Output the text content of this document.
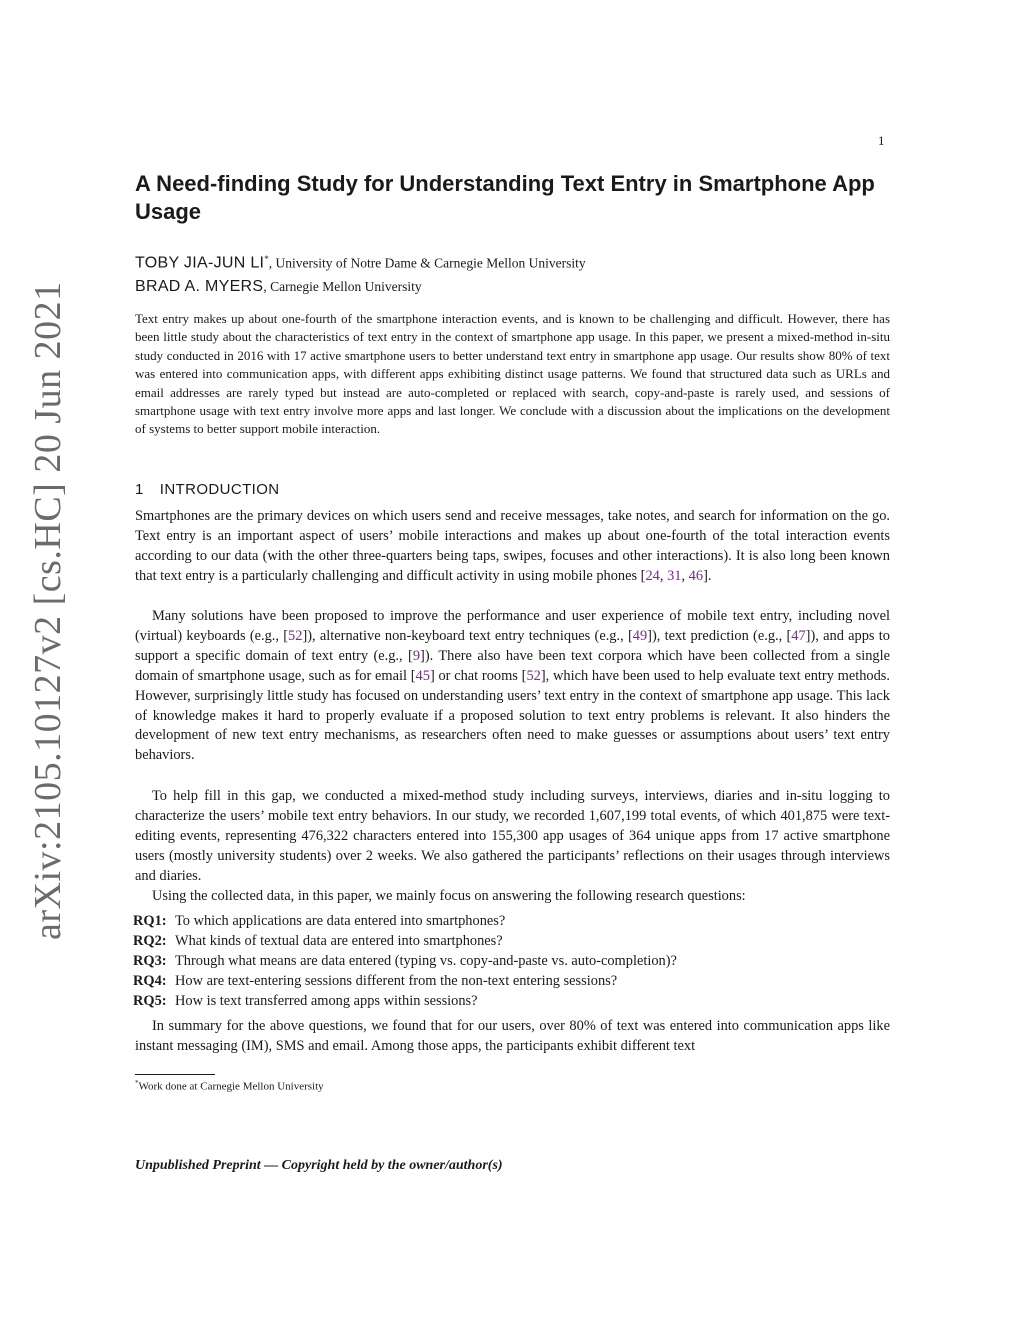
arXiv:2105.10127v2 [cs.HC] 20 Jun 2021
1
A Need-finding Study for Understanding Text Entry in Smartphone App Usage
TOBY JIA-JUN LI*, University of Notre Dame & Carnegie Mellon University
BRAD A. MYERS, Carnegie Mellon University

Text entry makes up about one-fourth of the smartphone interaction events, and is known to be challenging and difficult. However, there has been little study about the characteristics of text entry in the context of smartphone app usage. In this paper, we present a mixed-method in-situ study conducted in 2016 with 17 active smartphone users to better understand text entry in smartphone app usage. Our results show 80% of text was entered into communication apps, with different apps exhibiting distinct usage patterns. We found that structured data such as URLs and email addresses are rarely typed but instead are auto-completed or replaced with search, copy-and-paste is rarely used, and sessions of smartphone usage with text entry involve more apps and last longer. We conclude with a discussion about the implications on the development of systems to better support mobile interaction.

1 INTRODUCTION

Smartphones are the primary devices on which users send and receive messages, take notes, and search for information on the go. Text entry is an important aspect of users’ mobile interactions and makes up about one-fourth of the total interaction events according to our data (with the other three-quarters being taps, swipes, focuses and other interactions). It is also long been known that text entry is a particularly challenging and difficult activity in using mobile phones [24, 31, 46].

Many solutions have been proposed to improve the performance and user experience of mobile text entry, including novel (virtual) keyboards (e.g., [52]), alternative non-keyboard text entry techniques (e.g., [49]), text prediction (e.g., [47]), and apps to support a specific domain of text entry (e.g., [9]). There also have been text corpora which have been collected from a single domain of smartphone usage, such as for email [45] or chat rooms [52], which have been used to help evaluate text entry methods. However, surprisingly little study has focused on understanding users’ text entry in the context of smartphone app usage. This lack of knowledge makes it hard to properly evaluate if a proposed solution to text entry problems is relevant. It also hinders the development of new text entry mechanisms, as researchers often need to make guesses or assumptions about users’ text entry behaviors.

To help fill in this gap, we conducted a mixed-method study including surveys, interviews, diaries and in-situ logging to characterize the users’ mobile text entry behaviors. In our study, we recorded 1,607,199 total events, of which 401,875 were text-editing events, representing 476,322 characters entered into 155,300 app usages of 364 unique apps from 17 active smartphone users (mostly university students) over 2 weeks. We also gathered the participants’ reflections on their usages through interviews and diaries.

Using the collected data, in this paper, we mainly focus on answering the following research questions:

RQ1: To which applications are data entered into smartphones?
RQ2: What kinds of textual data are entered into smartphones?
RQ3: Through what means are data entered (typing vs. copy-and-paste vs. auto-completion)?
RQ4: How are text-entering sessions different from the non-text entering sessions?
RQ5: How is text transferred among apps within sessions?

In summary for the above questions, we found that for our users, over 80% of text was entered into communication apps like instant messaging (IM), SMS and email. Among those apps, the participants exhibit different text

*Work done at Carnegie Mellon University
Unpublished Preprint — Copyright held by the owner/author(s)
